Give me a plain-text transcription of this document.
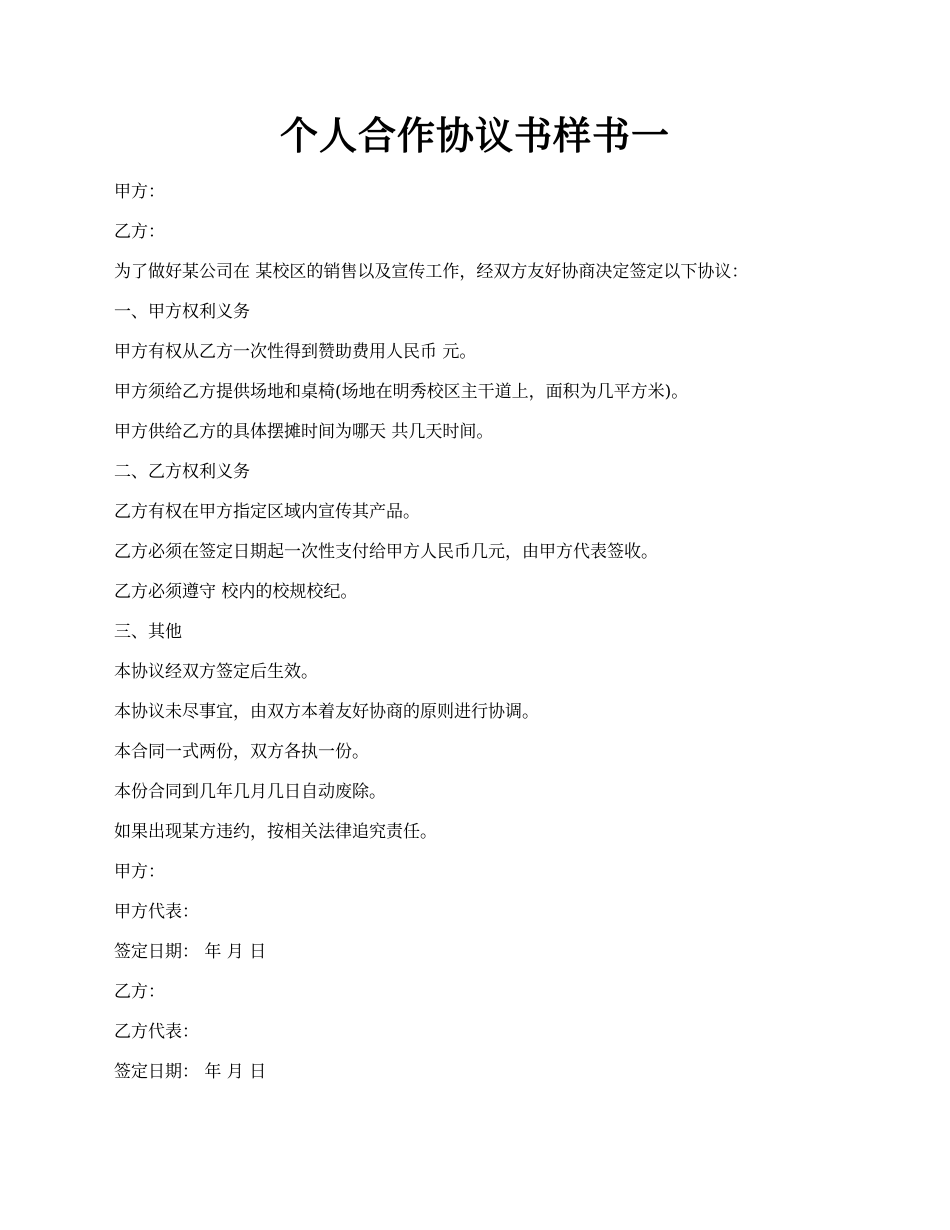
个人合作协议书样书一
甲方：
乙方：
为了做好某公司在 某校区的销售以及宣传工作，经双方友好协商决定签定以下协议：
一、甲方权利义务
甲方有权从乙方一次性得到赞助费用人民币 元。
甲方须给乙方提供场地和桌椅(场地在明秀校区主干道上，面积为几平方米)。
甲方供给乙方的具体摆摊时间为哪天 共几天时间。
二、乙方权利义务
乙方有权在甲方指定区域内宣传其产品。
乙方必须在签定日期起一次性支付给甲方人民币几元，由甲方代表签收。
乙方必须遵守 校内的校规校纪。
三、其他
本协议经双方签定后生效。
本协议未尽事宜，由双方本着友好协商的原则进行协调。
本合同一式两份，双方各执一份。
本份合同到几年几月几日自动废除。
如果出现某方违约，按相关法律追究责任。
甲方：
甲方代表：
签定日期： 年 月 日
乙方：
乙方代表：
签定日期： 年 月 日
